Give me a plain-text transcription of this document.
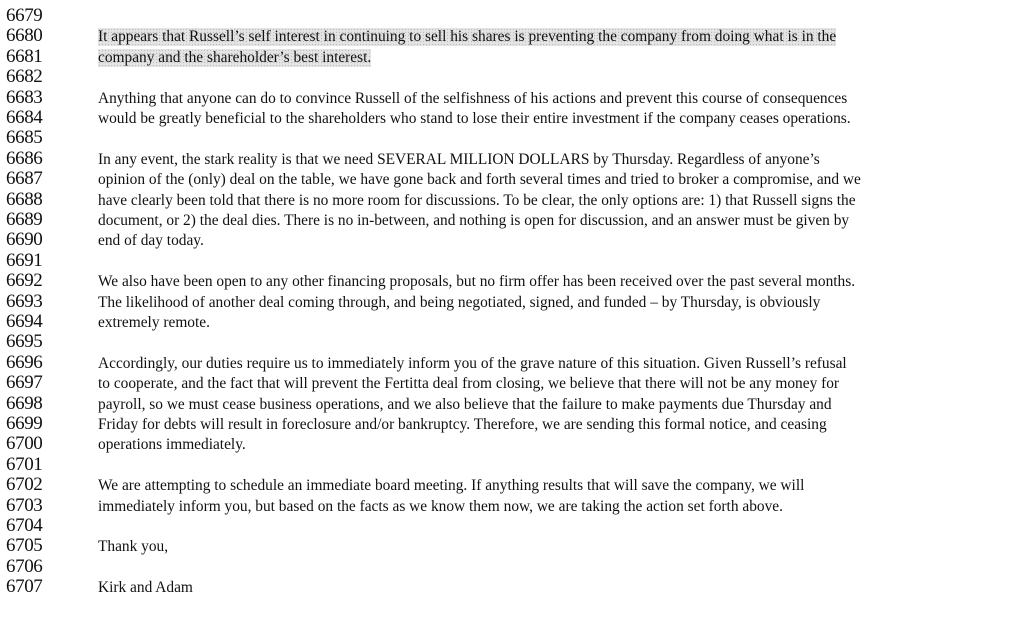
6679
6680	It appears that Russell’s self interest in continuing to sell his shares is preventing the company from doing what is in the
6681	company and the shareholder’s best interest.
6682
6683	Anything that anyone can do to convince Russell of the selfishness of his actions and prevent this course of consequences
6684	would be greatly beneficial to the shareholders who stand to lose their entire investment if the company ceases operations.
6685
6686	In any event, the stark reality is that we need SEVERAL MILLION DOLLARS by Thursday. Regardless of anyone’s
6687	opinion of the (only) deal on the table, we have gone back and forth several times and tried to broker a compromise, and we
6688	have clearly been told that there is no more room for discussions. To be clear, the only options are: 1) that Russell signs the
6689	document, or 2) the deal dies. There is no in-between, and nothing is open for discussion, and an answer must be given by
6690	end of day today.
6691
6692	We also have been open to any other financing proposals, but no firm offer has been received over the past several months.
6693	The likelihood of another deal coming through, and being negotiated, signed, and funded – by Thursday, is obviously
6694	extremely remote.
6695
6696	Accordingly, our duties require us to immediately inform you of the grave nature of this situation. Given Russell’s refusal
6697	to cooperate, and the fact that will prevent the Fertitta deal from closing, we believe that there will not be any money for
6698	payroll, so we must cease business operations, and we also believe that the failure to make payments due Thursday and
6699	Friday for debts will result in foreclosure and/or bankruptcy. Therefore, we are sending this formal notice, and ceasing
6700	operations immediately.
6701
6702	We are attempting to schedule an immediate board meeting. If anything results that will save the company, we will
6703	immediately inform you, but based on the facts as we know them now, we are taking the action set forth above.
6704
6705	Thank you,
6706
6707	Kirk and Adam
